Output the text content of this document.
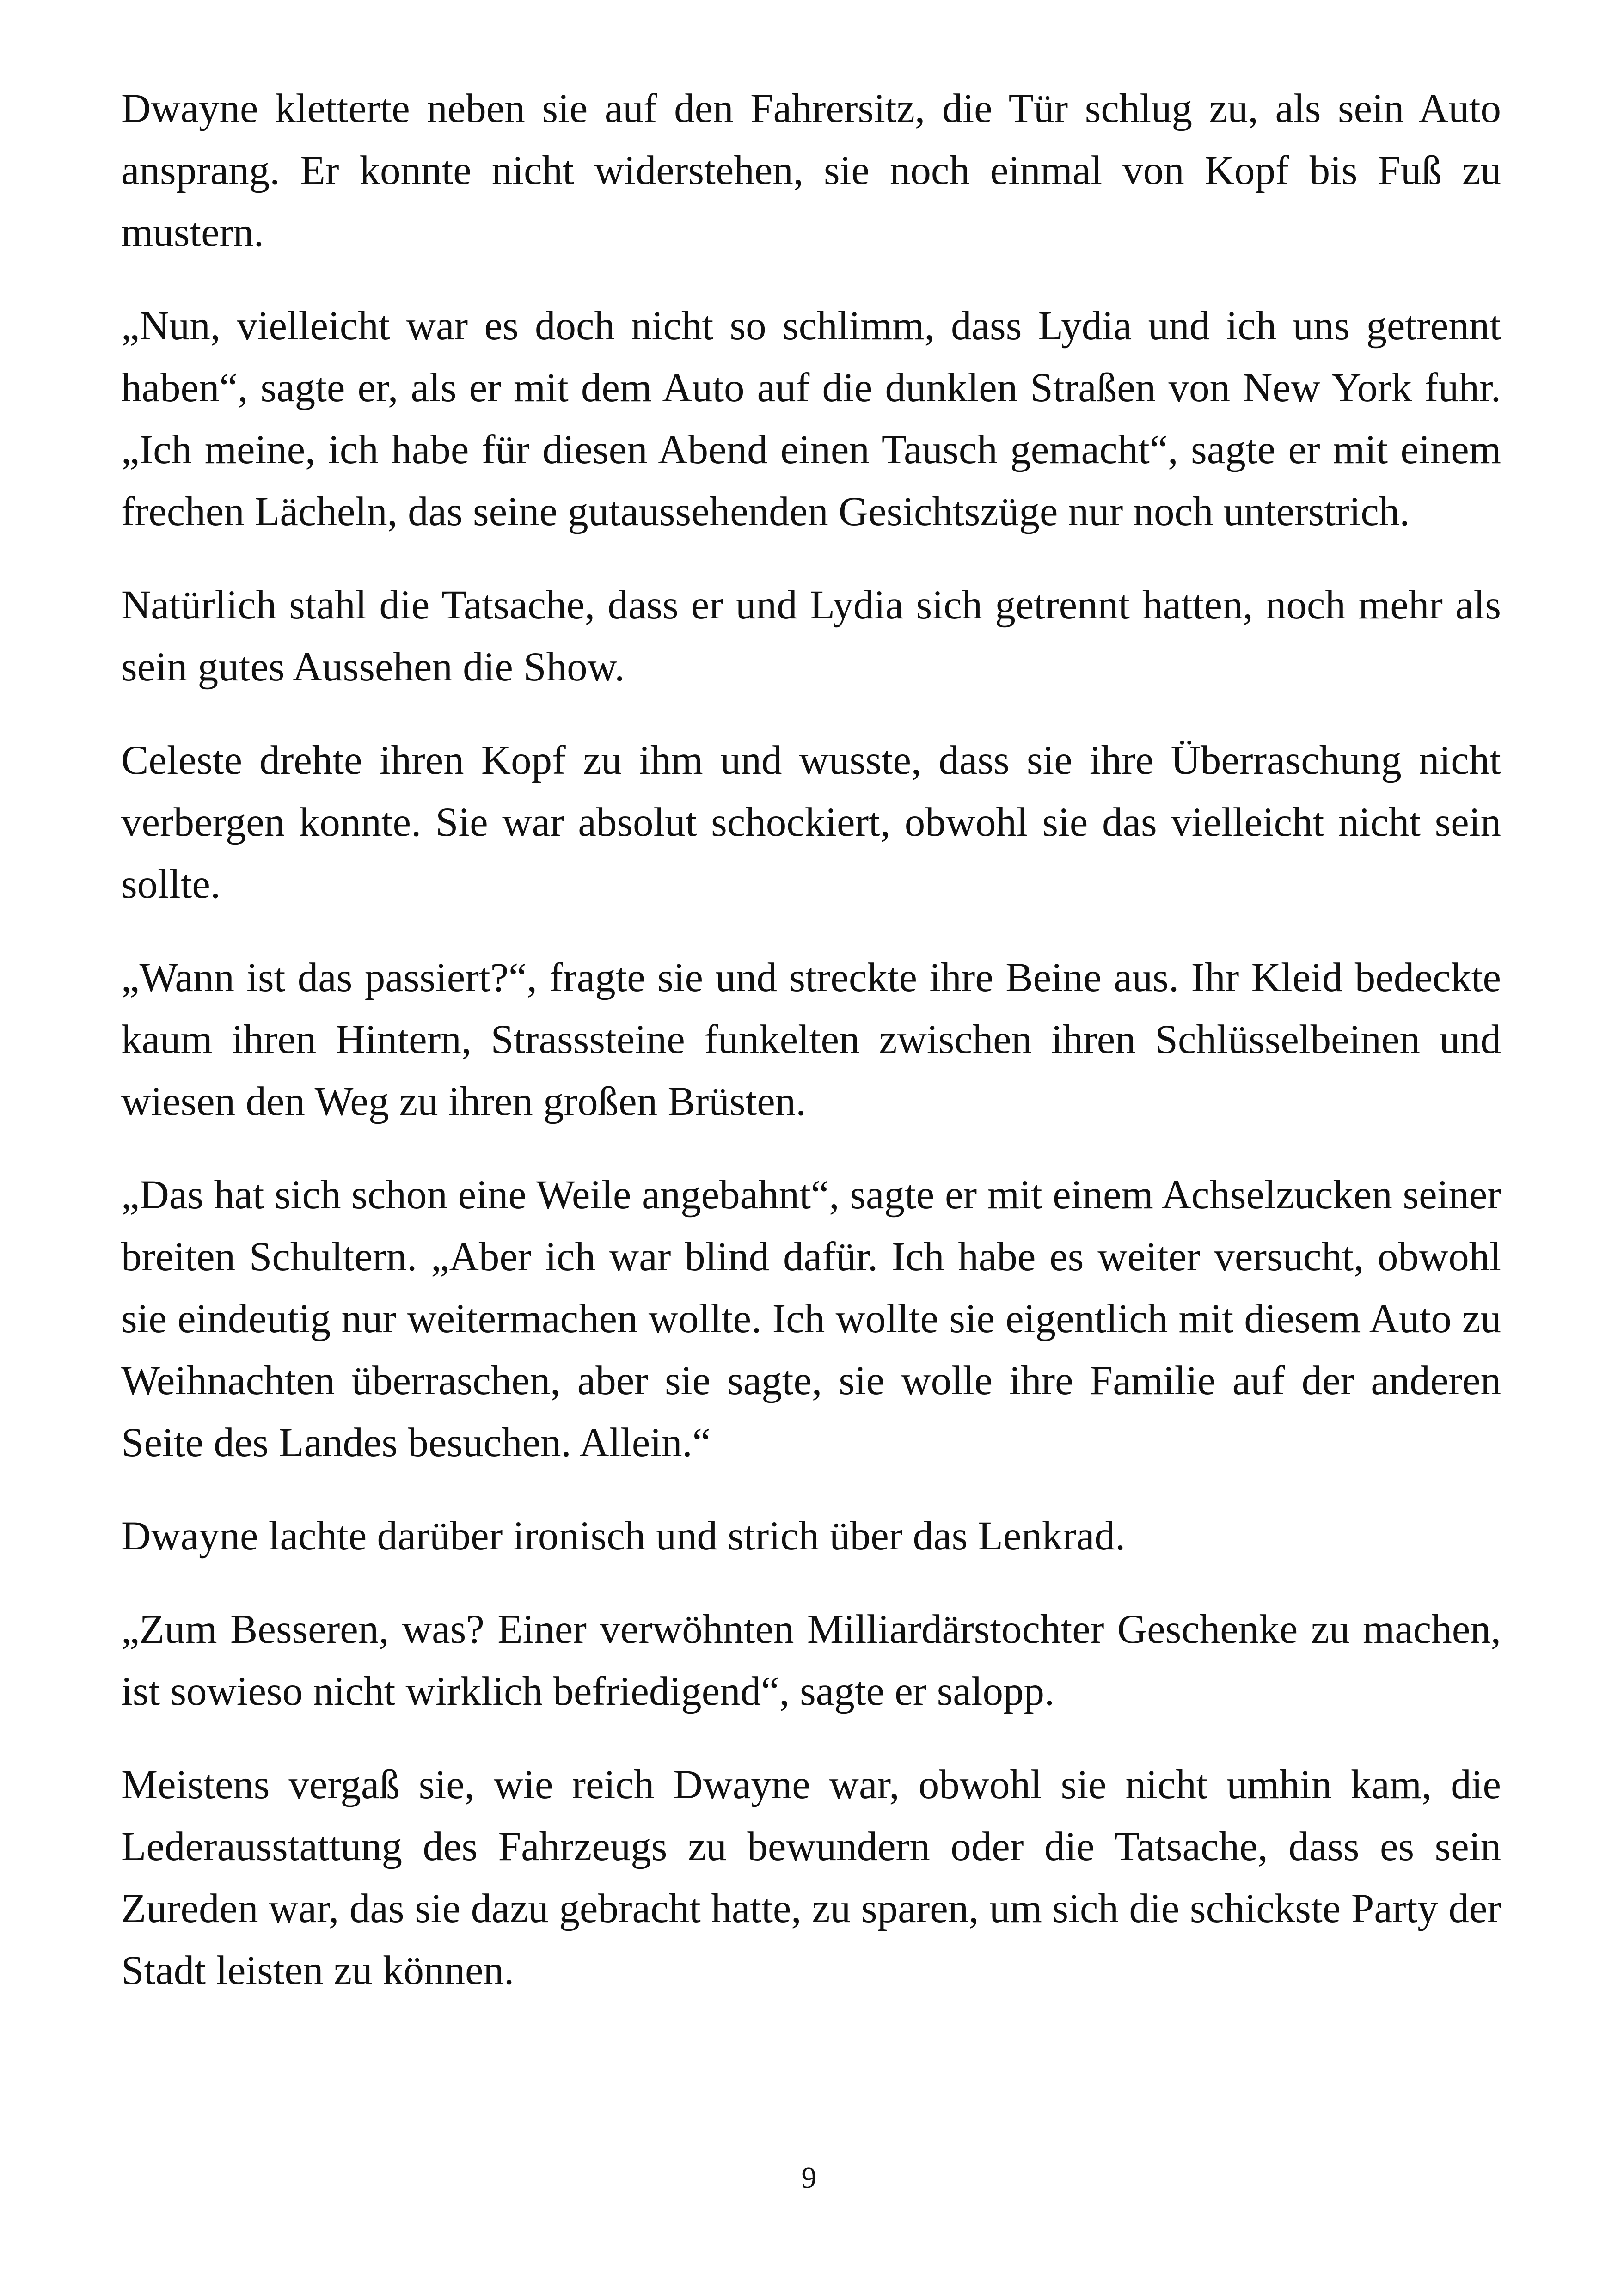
Dwayne kletterte neben sie auf den Fahrersitz, die Tür schlug zu, als sein Auto ansprang. Er konnte nicht widerstehen, sie noch einmal von Kopf bis Fuß zu mustern.

„Nun, vielleicht war es doch nicht so schlimm, dass Lydia und ich uns getrennt haben“, sagte er, als er mit dem Auto auf die dunklen Straßen von New York fuhr. „Ich meine, ich habe für diesen Abend einen Tausch gemacht“, sagte er mit einem frechen Lächeln, das seine gutaussehenden Gesichtszüge nur noch unterstrich.

Natürlich stahl die Tatsache, dass er und Lydia sich getrennt hatten, noch mehr als sein gutes Aussehen die Show.

Celeste drehte ihren Kopf zu ihm und wusste, dass sie ihre Überraschung nicht verbergen konnte. Sie war absolut schockiert, obwohl sie das vielleicht nicht sein sollte.

„Wann ist das passiert?“, fragte sie und streckte ihre Beine aus. Ihr Kleid bedeckte kaum ihren Hintern, Strasssteine funkelten zwischen ihren Schlüsselbeinen und wiesen den Weg zu ihren großen Brüsten.

„Das hat sich schon eine Weile angebahnt“, sagte er mit einem Achselzucken seiner breiten Schultern. „Aber ich war blind dafür. Ich habe es weiter versucht, obwohl sie eindeutig nur weitermachen wollte. Ich wollte sie eigentlich mit diesem Auto zu Weihnachten überraschen, aber sie sagte, sie wolle ihre Familie auf der anderen Seite des Landes besuchen. Allein.“

Dwayne lachte darüber ironisch und strich über das Lenkrad.

„Zum Besseren, was? Einer verwöhnten Milliardärstochter Geschenke zu machen, ist sowieso nicht wirklich befriedigend“, sagte er salopp.

Meistens vergaß sie, wie reich Dwayne war, obwohl sie nicht umhin kam, die Lederausstattung des Fahrzeugs zu bewundern oder die Tatsache, dass es sein Zureden war, das sie dazu gebracht hatte, zu sparen, um sich die schickste Party der Stadt leisten zu können.

9
